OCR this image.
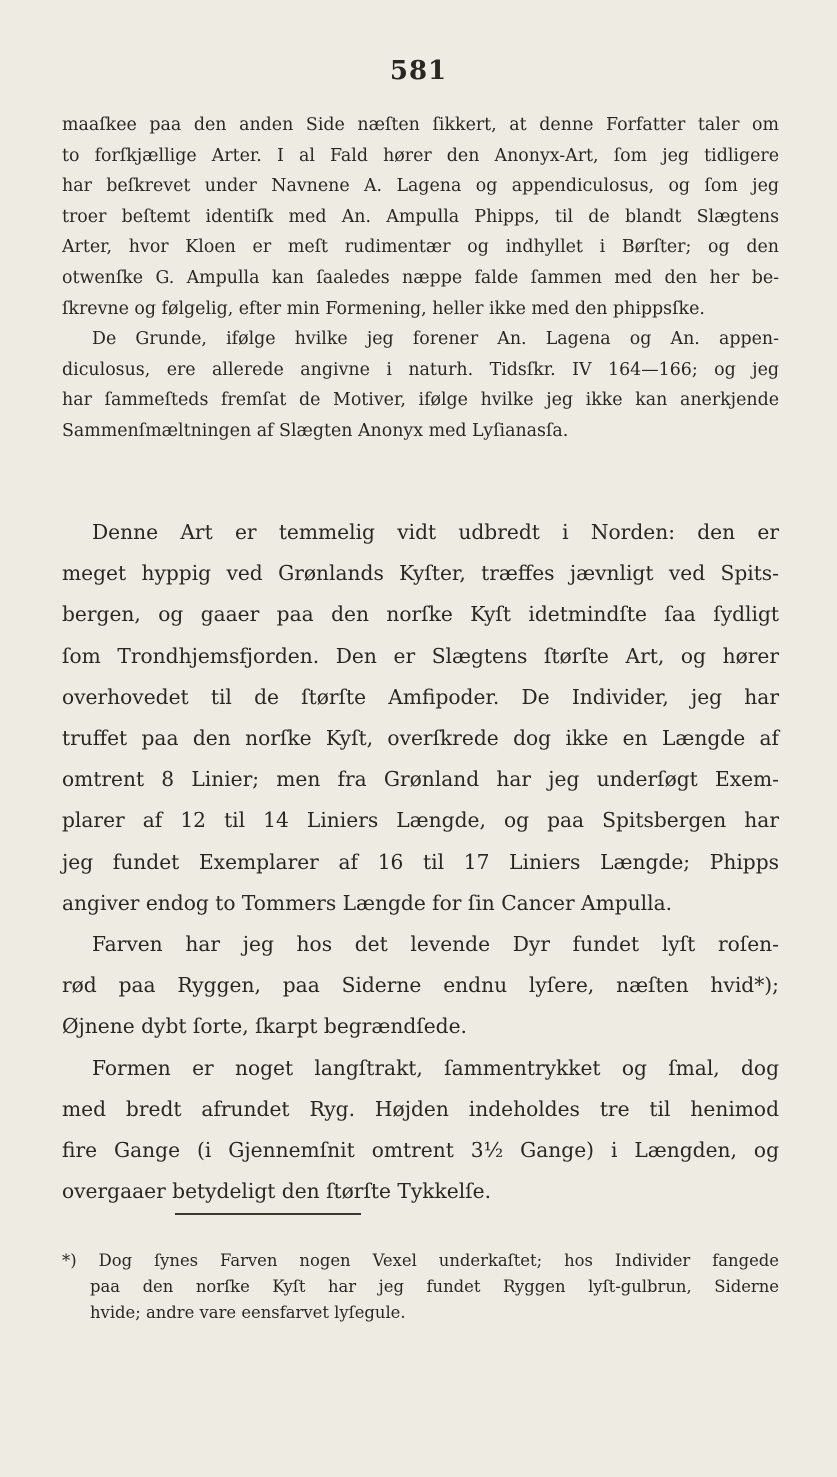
581

maaſkee paa den anden Side næſten ſikkert, at denne Forfatter taler om
to forſkjællige Arter. I al Fald hører den Anonyx-Art, ſom jeg tidligere
har beſkrevet under Navnene A. Lagena og appendiculosus, og ſom jeg
troer beſtemt identiſk med An. Ampulla Phipps, til de blandt Slægtens
Arter, hvor Kloen er meſt rudimentær og indhyllet i Børſter; og den
otwenſke G. Ampulla kan ſaaledes næppe falde ſammen med den her be-
ſkrevne og følgelig, efter min Formening, heller ikke med den phippsſke.

De Grunde, ifølge hvilke jeg forener An. Lagena og An. appen-
diculosus, ere allerede angivne i naturh. Tidsſkr. IV 164—166; og jeg
har ſammeſteds fremſat de Motiver, ifølge hvilke jeg ikke kan anerkjende
Sammenſmæltningen af Slægten Anonyx med Lyſianasſa.

Denne Art er temmelig vidt udbredt i Norden: den er
meget hyppig ved Grønlands Kyſter, træffes jævnligt ved Spits-
bergen, og gaaer paa den norſke Kyſt idetmindſte ſaa ſydligt
ſom Trondhjemsfjorden. Den er Slægtens ſtørſte Art, og hører
overhovedet til de ſtørſte Amfipoder. De Individer, jeg har
truffet paa den norſke Kyſt, overſkrede dog ikke en Længde af
omtrent 8 Linier; men fra Grønland har jeg underſøgt Exem-
plarer af 12 til 14 Liniers Længde, og paa Spitsbergen har
jeg fundet Exemplarer af 16 til 17 Liniers Længde; Phipps
angiver endog to Tommers Længde for ſin Cancer Ampulla.

Farven har jeg hos det levende Dyr fundet lyſt roſen-
rød paa Ryggen, paa Siderne endnu lyſere, næſten hvid*);
Øjnene dybt ſorte, ſkarpt begrændſede.

Formen er noget langſtrakt, ſammentrykket og ſmal, dog
med bredt afrundet Ryg. Højden indeholdes tre til henimod
fire Gange (i Gjennemſnit omtrent 3½ Gange) i Længden, og
overgaaer betydeligt den ſtørſte Tykkelſe.

*) Dog ſynes Farven nogen Vexel underkaſtet; hos Individer fangede
paa den norſke Kyſt har jeg fundet Ryggen lyſt-gulbrun, Siderne
hvide; andre vare eensfarvet lyſegule.
